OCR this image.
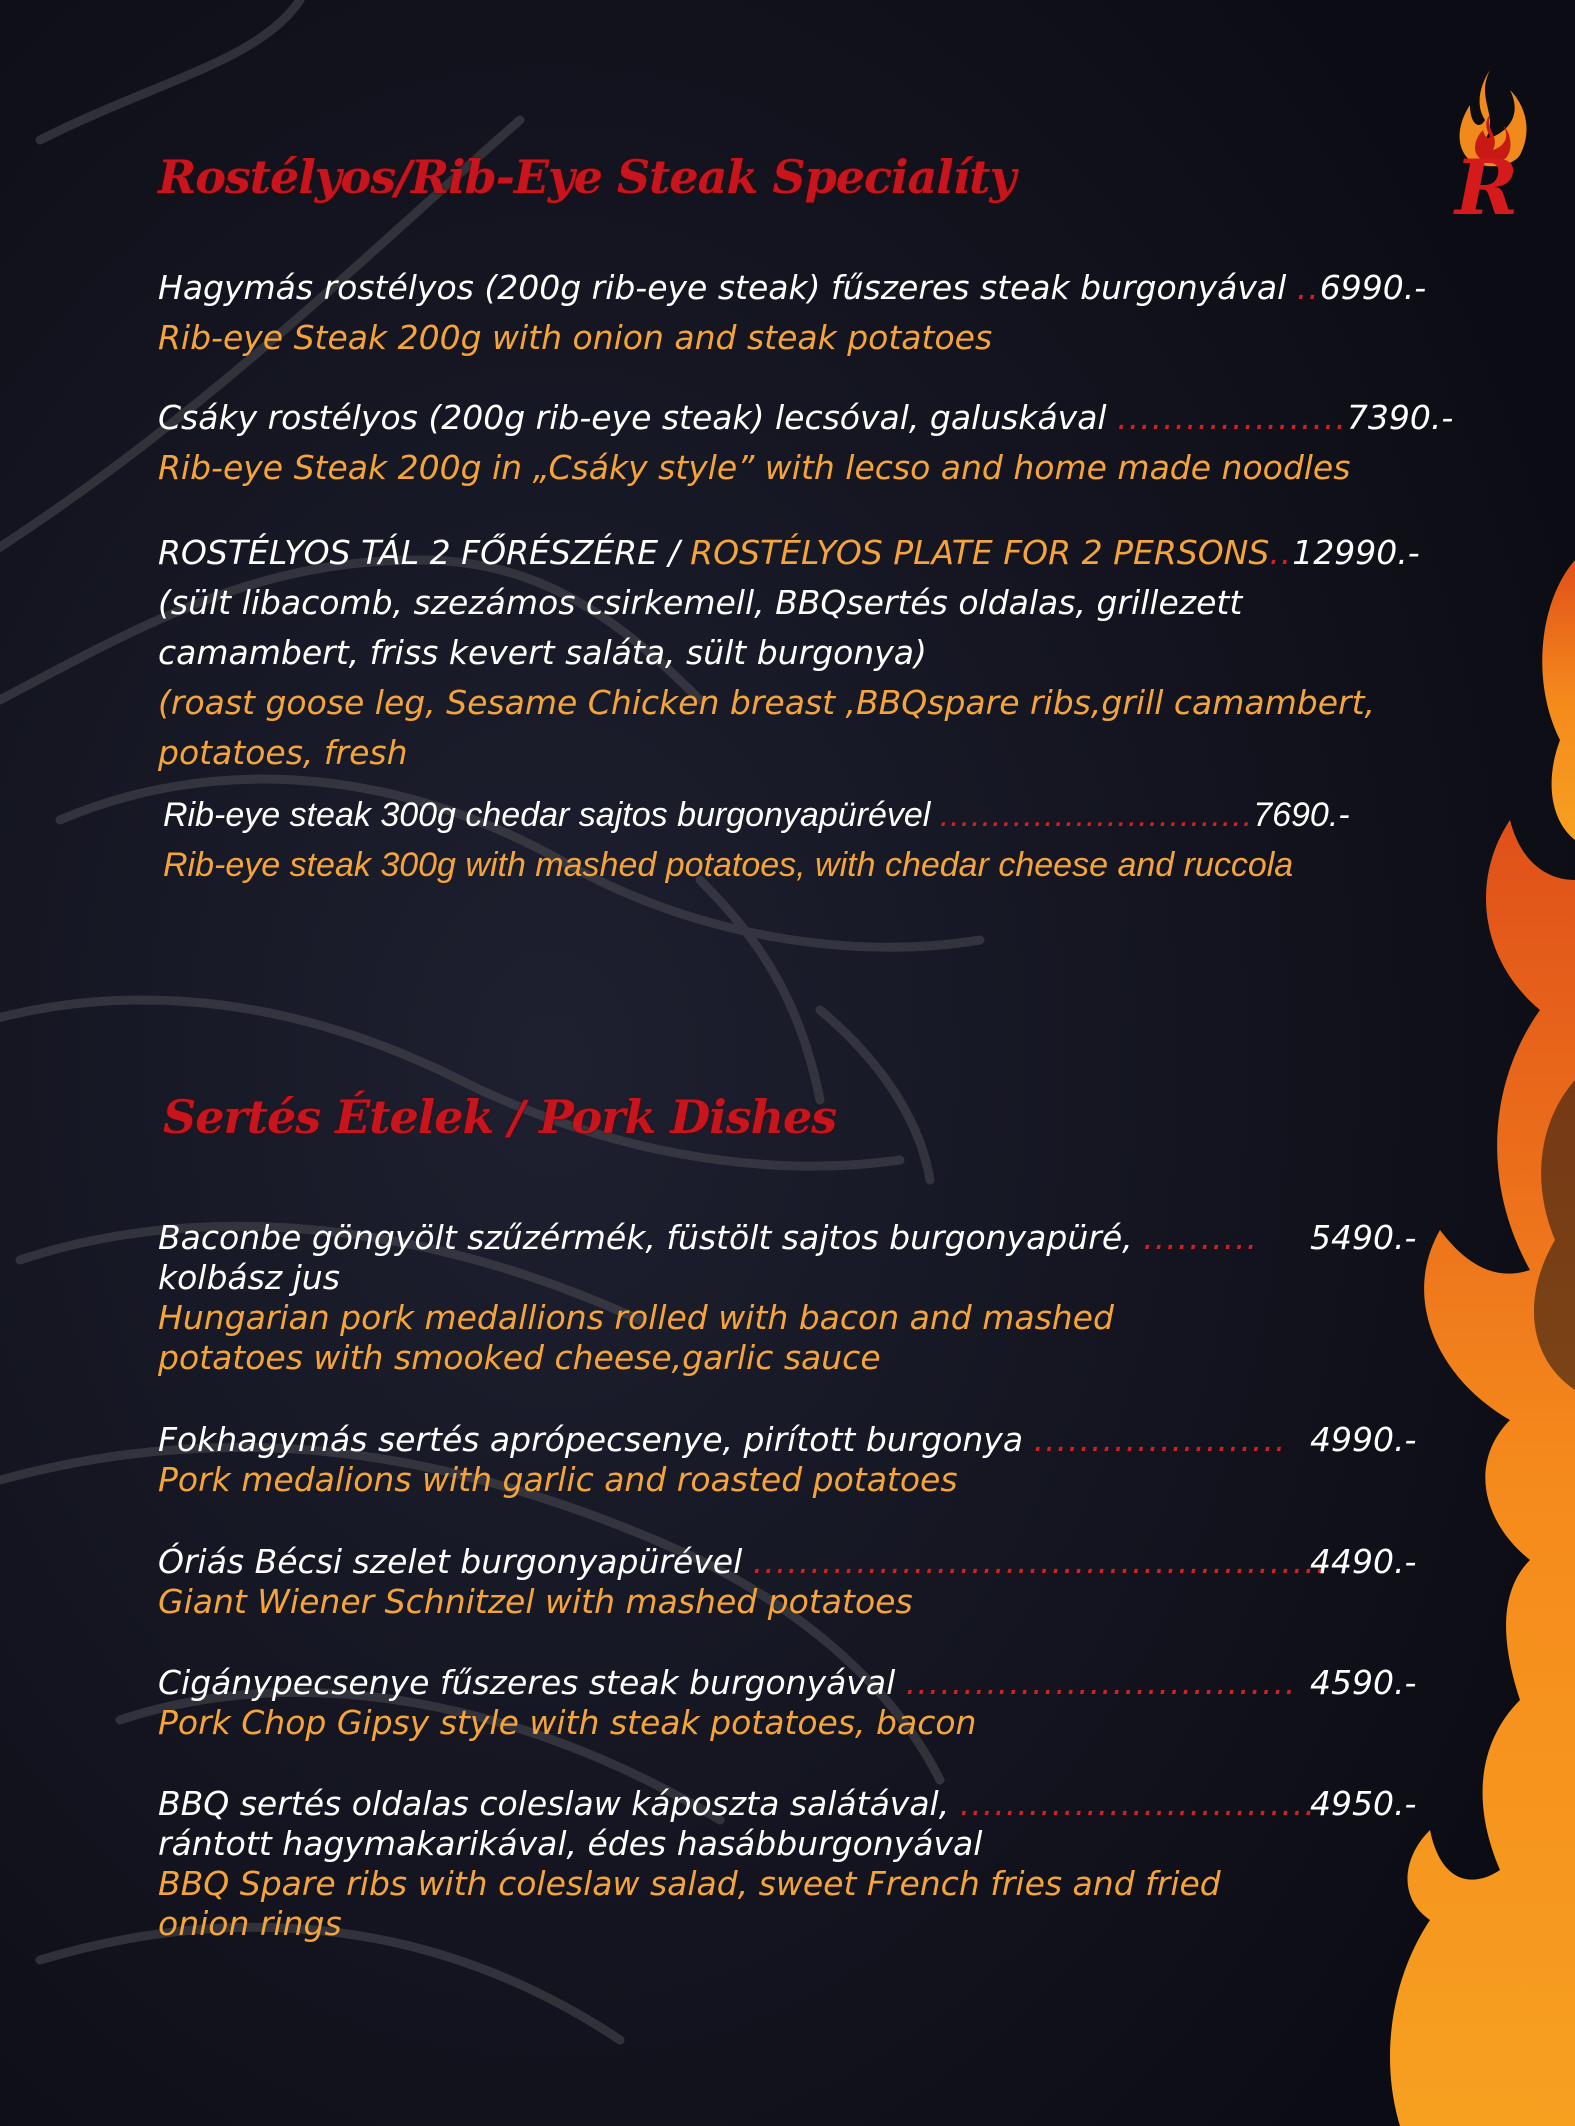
R

Rostélyos/Rib-Eye Steak Specialíty
Hagymás rostélyos (200g rib-eye steak) fűszeres steak burgonyával ..6990.-
Rib-eye Steak 200g with onion and steak potatoes
Csáky rostélyos (200g rib-eye steak) lecsóval, galuskával ....................7390.-
Rib-eye Steak 200g in „Csáky style” with lecso and home made noodles
ROSTÉLYOS TÁL 2 FŐRÉSZÉRE / ROSTÉLYOS PLATE FOR 2 PERSONS..12990.-
(sült libacomb, szezámos csirkemell, BBQsertés oldalas, grillezett
camambert, friss kevert saláta, sült burgonya)
(roast goose leg, Sesame Chicken breast ,BBQspare ribs,grill camambert,
potatoes, fresh
Rib-eye steak 300g chedar sajtos burgonyapürével ..............................7690.-
Rib-eye steak 300g with mashed potatoes, with chedar cheese and ruccola
Sertés Ételek / Pork Dishes
Baconbe göngyölt szűzérmék, füstölt sajtos burgonyapüré, .......... 5490.-
kolbász jus
Hungarian pork medallions rolled with bacon and mashed
potatoes with smooked cheese,garlic sauce
Fokhagymás sertés aprópecsenye, pirított burgonya ...................... 4990.-
Pork medalions with garlic and roasted potatoes
Óriás Bécsi szelet burgonyapürével ..................................................
4490.-
Giant Wiener Schnitzel with mashed potatoes
Cigánypecsenye fűszeres steak burgonyával .................................. 4590.-
Pork Chop Gipsy style with steak potatoes, bacon
BBQ sertés oldalas coleslaw káposzta salátával, ...............................
4950.-
rántott hagymakarikával, édes hasábburgonyával
BBQ Spare ribs with coleslaw salad, sweet French fries and fried
onion rings
